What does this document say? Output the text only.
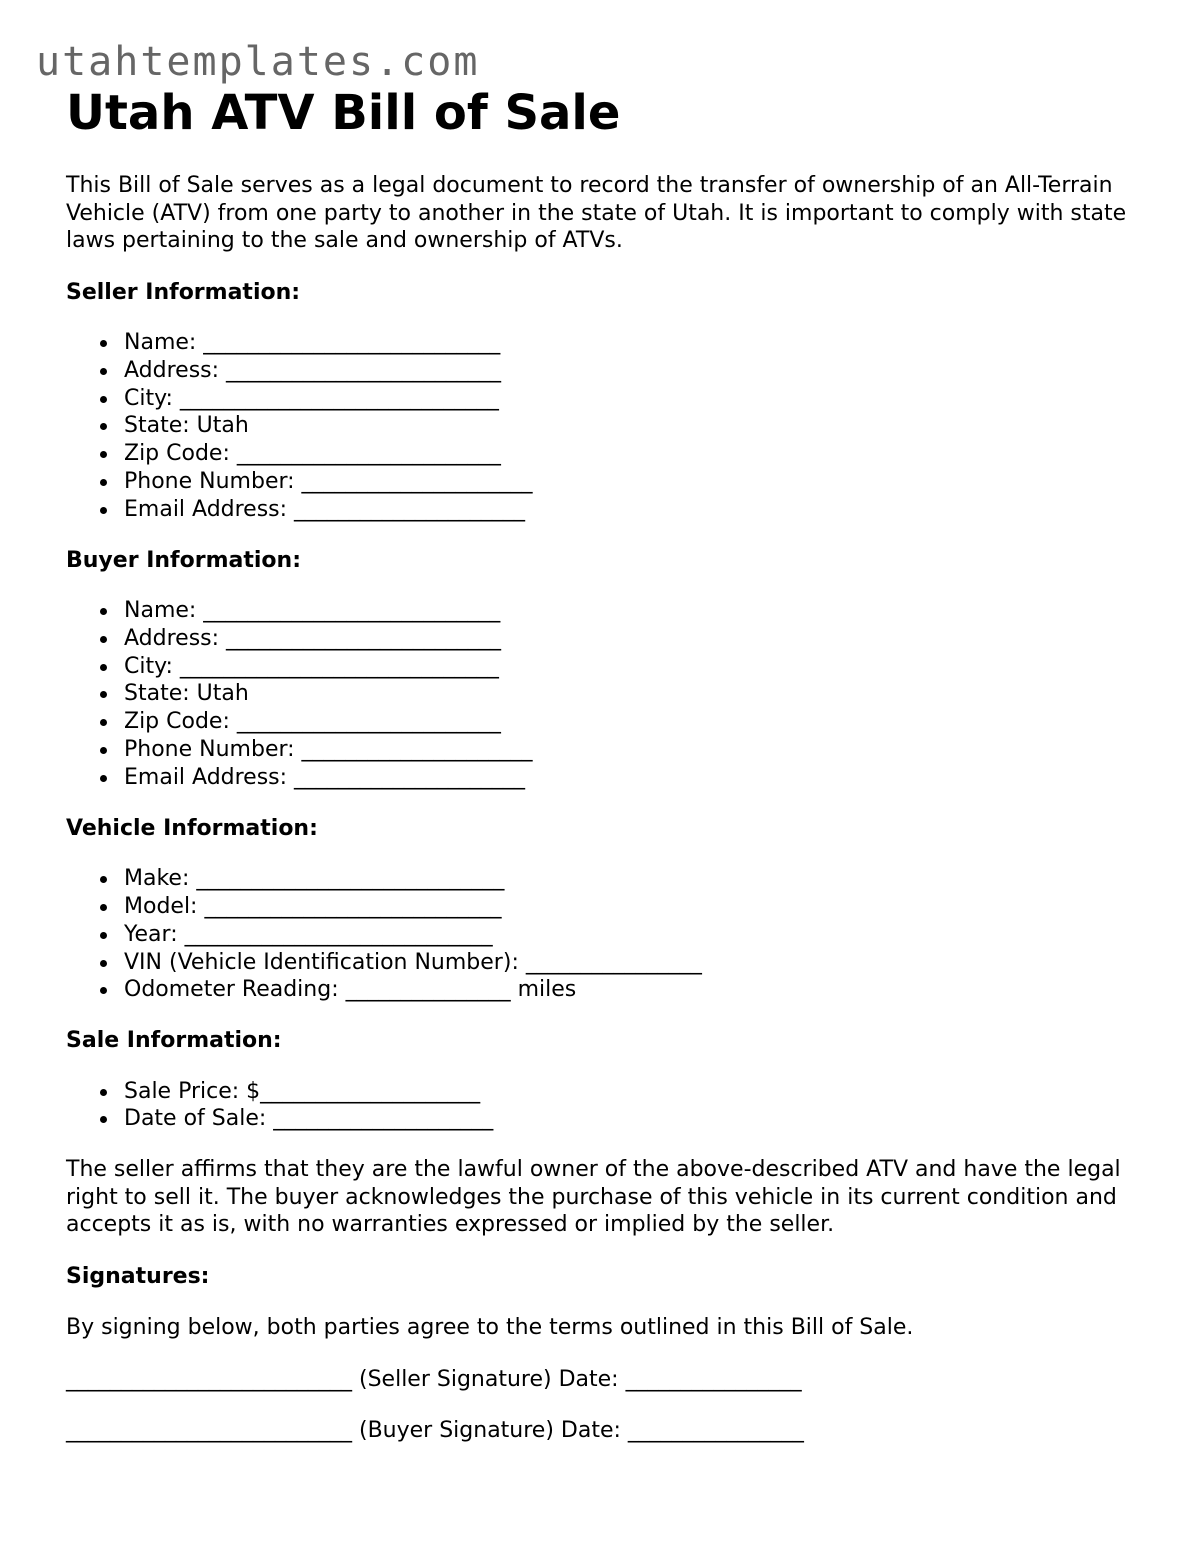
utahtemplates.com
Utah ATV Bill of Sale

This Bill of Sale serves as a legal document to record the transfer of ownership of an All-Terrain Vehicle (ATV) from one party to another in the state of Utah. It is important to comply with state laws pertaining to the sale and ownership of ATVs.

Seller Information:

Name: ___________________________
Address: _________________________
City: _____________________________
State: Utah
Zip Code: ________________________
Phone Number: _____________________
Email Address: _____________________

Buyer Information:

Name: ___________________________
Address: _________________________
City: _____________________________
State: Utah
Zip Code: ________________________
Phone Number: _____________________
Email Address: _____________________

Vehicle Information:

Make: ____________________________
Model: ___________________________
Year: ____________________________
VIN (Vehicle Identification Number): ________________
Odometer Reading: _______________ miles

Sale Information:

Sale Price: $____________________
Date of Sale: ____________________

The seller affirms that they are the lawful owner of the above-described ATV and have the legal right to sell it. The buyer acknowledges the purchase of this vehicle in its current condition and accepts it as is, with no warranties expressed or implied by the seller.

Signatures:

By signing below, both parties agree to the terms outlined in this Bill of Sale.

__________________________ (Seller Signature) Date: ________________

__________________________ (Buyer Signature) Date: ________________
